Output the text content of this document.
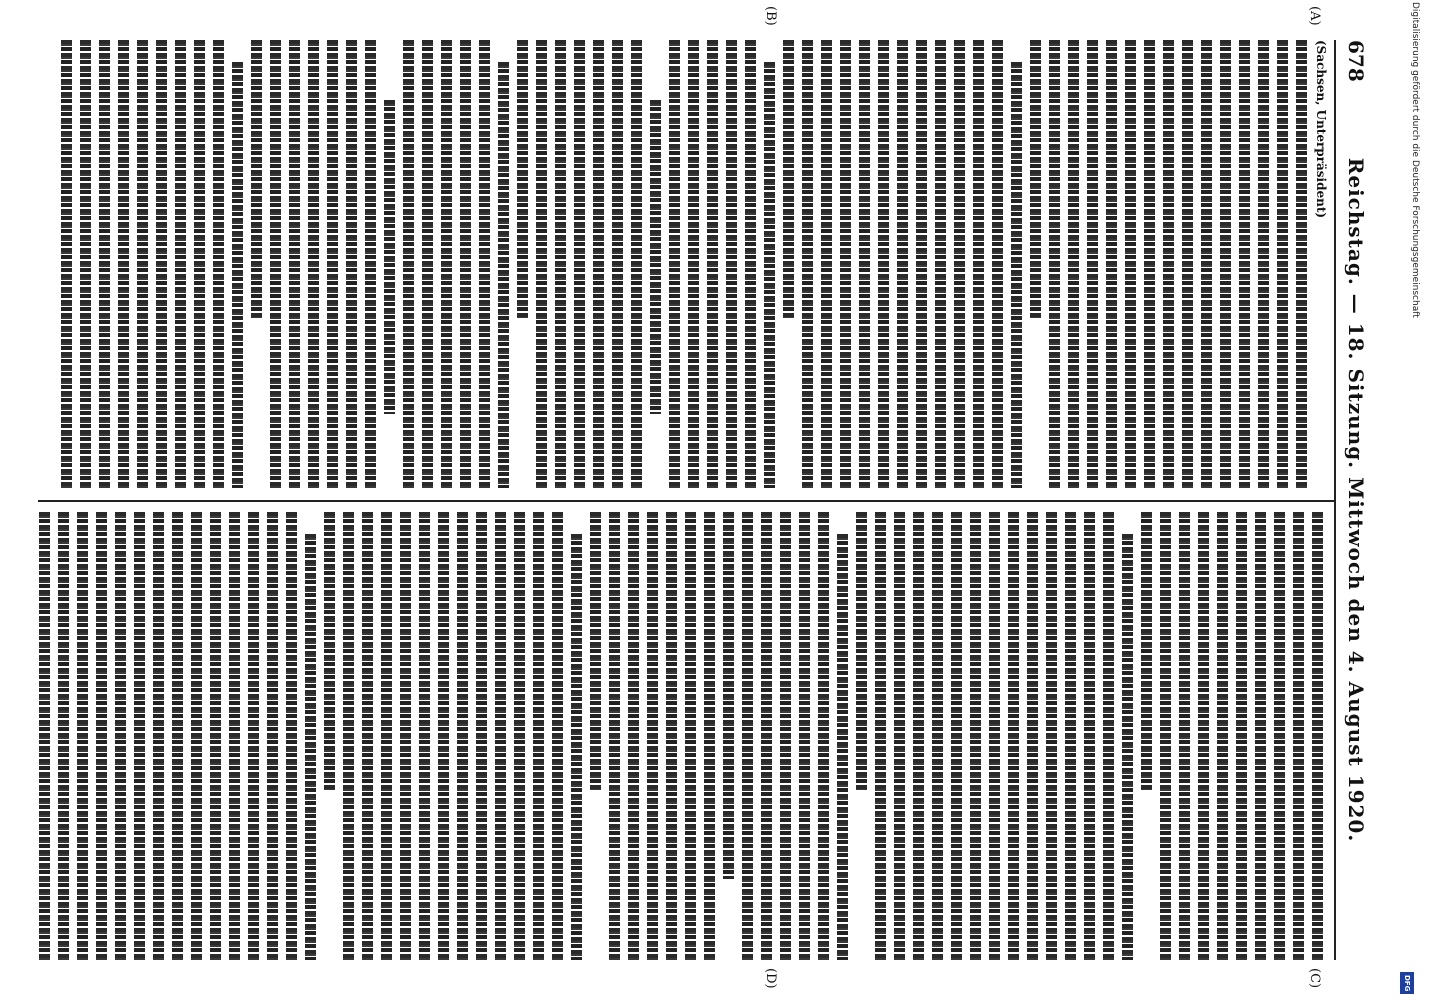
678
Reichstag. — 18. Sitzung. Mittwoch den 4. August 1920.
(A)
(B)
(C)
(D)
(Sachsen, Unterpräsident)	Digitalisierung gefördert durch die Deutsche Forschungsgemeinschaft
DFG
